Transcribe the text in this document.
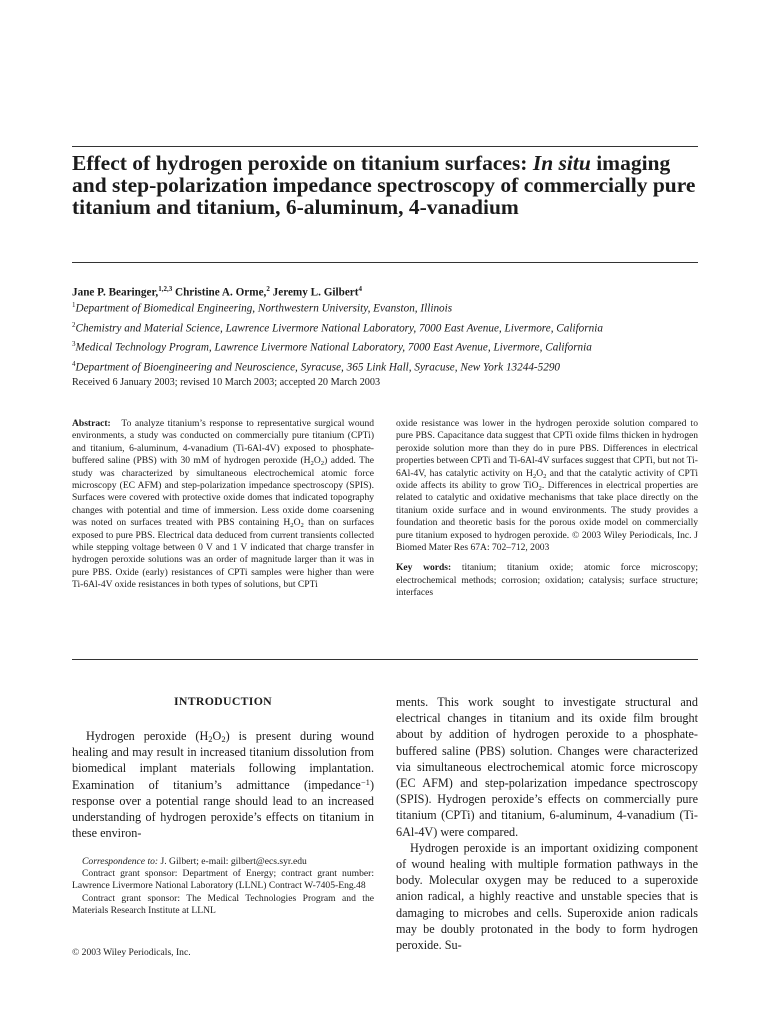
Effect of hydrogen peroxide on titanium surfaces: In situ imaging and step-polarization impedance spectroscopy of commercially pure titanium and titanium, 6-aluminum, 4-vanadium
Jane P. Bearinger,$^{1,2,3}$ Christine A. Orme,$^2$ Jeremy L. Gilbert$^4$
$^1$Department of Biomedical Engineering, Northwestern University, Evanston, Illinois
$^2$Chemistry and Material Science, Lawrence Livermore National Laboratory, 7000 East Avenue, Livermore, California
$^3$Medical Technology Program, Lawrence Livermore National Laboratory, 7000 East Avenue, Livermore, California
$^4$Department of Bioengineering and Neuroscience, Syracuse, 365 Link Hall, Syracuse, New York 13244-5290
Received 6 January 2003; revised 10 March 2003; accepted 20 March 2003

Abstract: To analyze titanium’s response to representative surgical wound environments, a study was conducted on commercially pure titanium (CPTi) and titanium, 6-aluminum, 4-vanadium (Ti-6Al-4V) exposed to phosphate-buffered saline (PBS) with 30 mM of hydrogen peroxide $(H_2O_2)$ added. The study was characterized by simultaneous electrochemical atomic force microscopy (EC AFM) and step-polarization impedance spectroscopy (SPIS). Surfaces were covered with protective oxide domes that indicated topography changes with potential and time of immersion. Less oxide dome coarsening was noted on surfaces treated with PBS containing $H_2O_2$ than on surfaces exposed to pure PBS. Electrical data deduced from current transients collected while stepping voltage between 0 V and 1 V indicated that charge transfer in hydrogen peroxide solutions was an order of magnitude larger than it was in pure PBS. Oxide (early) resistances of CPTi samples were higher than were Ti-6Al-4V oxide resistances in both types of solutions, but CPTi

oxide resistance was lower in the hydrogen peroxide solution compared to pure PBS. Capacitance data suggest that CPTi oxide films thicken in hydrogen peroxide solution more than they do in pure PBS. Differences in electrical properties between CPTi and Ti-6Al-4V surfaces suggest that CPTi, but not Ti-6Al-4V, has catalytic activity on $H_2O_2$ and that the catalytic activity of CPTi oxide affects its ability to grow TiO$_2$. Differences in electrical properties are related to catalytic and oxidative mechanisms that take place directly on the titanium oxide surface and in wound environments. The study provides a foundation and theoretic basis for the porous oxide model on commercially pure titanium exposed to hydrogen peroxide. © 2003 Wiley Periodicals, Inc. J Biomed Mater Res 67A: 702–712, 2003

Key words: titanium; titanium oxide; atomic force microscopy; electrochemical methods; corrosion; oxidation; catalysis; surface structure; interfaces

INTRODUCTION

Hydrogen peroxide $(H_2O_2)$ is present during wound healing and may result in increased titanium dissolution from biomedical implant materials following implantation. Examination of titanium’s admittance (impedance$^{-1}$) response over a potential range should lead to an increased understanding of hydrogen peroxide’s effects on titanium in these environ-

Correspondence to: J. Gilbert; e-mail: gilbert@ecs.syr.edu

Contract grant sponsor: Department of Energy; contract grant number: Lawrence Livermore National Laboratory (LLNL) Contract W-7405-Eng.48

Contract grant sponsor: The Medical Technologies Program and the Materials Research Institute at LLNL

© 2003 Wiley Periodicals, Inc.

ments. This work sought to investigate structural and electrical changes in titanium and its oxide film brought about by addition of hydrogen peroxide to a phosphate-buffered saline (PBS) solution. Changes were characterized via simultaneous electrochemical atomic force microscopy (EC AFM) and step-polarization impedance spectroscopy (SPIS). Hydrogen peroxide’s effects on commercially pure titanium (CPTi) and titanium, 6-aluminum, 4-vanadium (Ti-6Al-4V) were compared.

Hydrogen peroxide is an important oxidizing component of wound healing with multiple formation pathways in the body. Molecular oxygen may be reduced to a superoxide anion radical, a highly reactive and unstable species that is damaging to microbes and cells. Superoxide anion radicals may be doubly protonated in the body to form hydrogen peroxide. Su-
